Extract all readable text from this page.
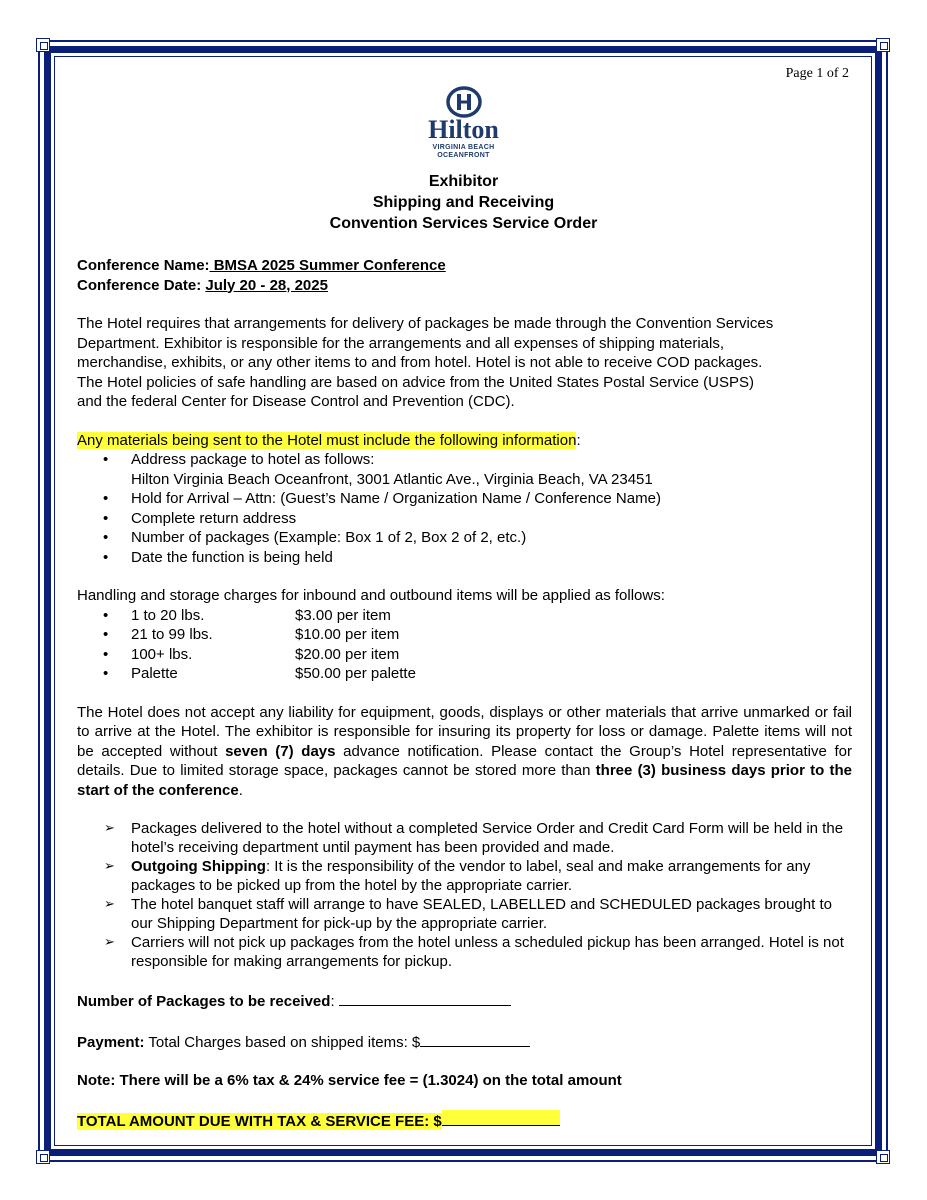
Page 1 of 2
Hilton
VIRGINIA BEACH
OCEANFRONT
Exhibitor
Shipping and Receiving
Convention Services Service Order

Conference Name: BMSA 2025 Summer Conference

Conference Date: July 20 - 28, 2025

The Hotel requires that arrangements for delivery of packages be made through the Convention Services

Department. Exhibitor is responsible for the arrangements and all expenses of shipping materials,

merchandise, exhibits, or any other items to and from hotel. Hotel is not able to receive COD packages.

The Hotel policies of safe handling are based on advice from the United States Postal Service (USPS)

and the federal Center for Disease Control and Prevention (CDC).

Any materials being sent to the Hotel must include the following information:

• Address package to hotel as follows:
Hilton Virginia Beach Oceanfront, 3001 Atlantic Ave., Virginia Beach, VA 23451
• Hold for Arrival – Attn: (Guest’s Name / Organization Name / Conference Name)
• Complete return address
• Number of packages (Example: Box 1 of 2, Box 2 of 2, etc.)
• Date the function is being held

Handling and storage charges for inbound and outbound items will be applied as follows:

• 1 to 20 lbs.	$3.00 per item
• 21 to 99 lbs.	$10.00 per item
• 100+ lbs.	$20.00 per item
• Palette	$50.00 per palette

The Hotel does not accept any liability for equipment, goods, displays or other materials that arrive unmarked or fail to arrive at the Hotel. The exhibitor is responsible for insuring its property for loss or damage. Palette items will not be accepted without seven (7) days advance notification. Please contact the Group’s Hotel representative for details. Due to limited storage space, packages cannot be stored more than three (3) business days prior to the start of the conference.

➢ Packages delivered to the hotel without a completed Service Order and Credit Card Form will be held in the hotel’s receiving department until payment has been provided and made.
➢ Outgoing Shipping: It is the responsibility of the vendor to label, seal and make arrangements for any packages to be picked up from the hotel by the appropriate carrier.
➢ The hotel banquet staff will arrange to have SEALED, LABELLED and SCHEDULED packages brought to our Shipping Department for pick-up by the appropriate carrier.
➢ Carriers will not pick up packages from the hotel unless a scheduled pickup has been arranged. Hotel is not responsible for making arrangements for pickup.

Number of Packages to be received:

Payment: Total Charges based on shipped items: $

Note: There will be a 6% tax & 24% service fee = (1.3024) on the total amount

TOTAL AMOUNT DUE WITH TAX & SERVICE FEE: $
